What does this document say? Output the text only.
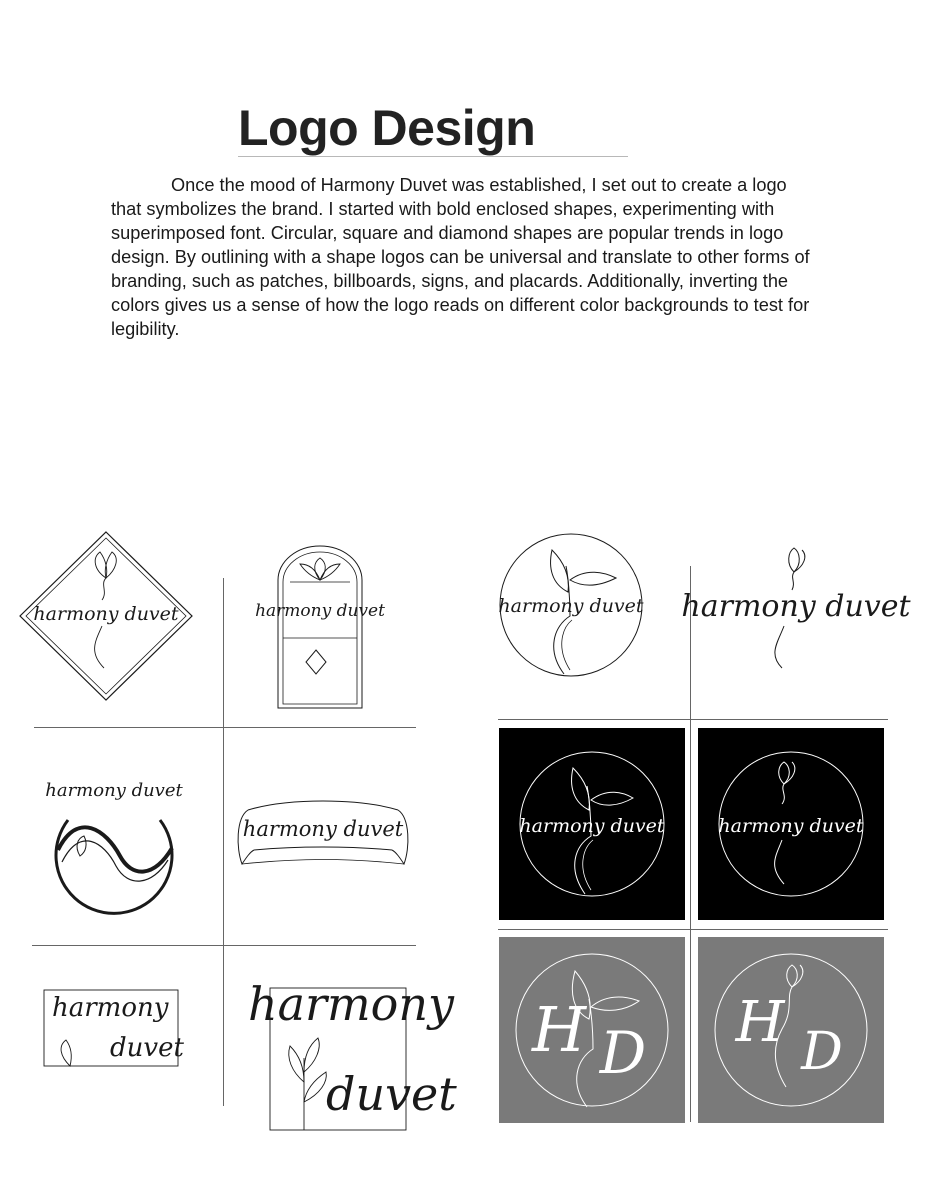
Logo Design

Once the mood of Harmony Duvet was established, I set out to create a logo that symbolizes the brand. I started with bold enclosed shapes, experimenting with superimposed font. Circular, square and diamond shapes are popular trends in logo design. By outlining with a shape logos can be universal and translate to other forms of branding, such as patches, billboards, signs, and placards. Additionally, inverting the colors gives us a sense of how the logo reads on different color backgrounds to test for legibility.

harmony duvet	harmony duvet
harmony duvet
harmony duvet
harmony
duvet
harmony
duvet
harmony duvet harmony duvet
harmony duvet	harmony duvet
H D H D
